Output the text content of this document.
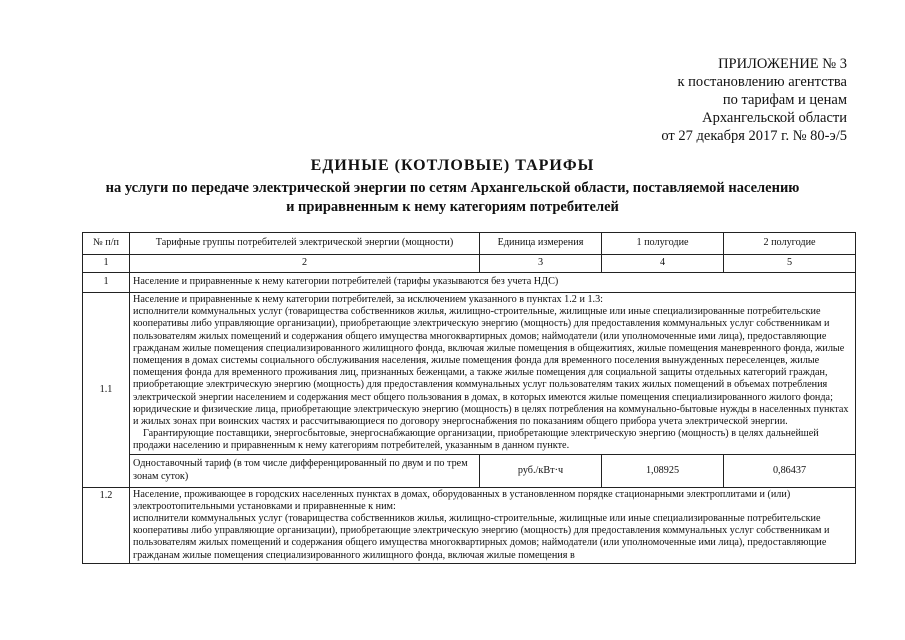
ПРИЛОЖЕНИЕ № 3
к постановлению агентства
по тарифам и ценам
Архангельской области
от 27 декабря 2017 г. № 80-э/5
ЕДИНЫЕ (КОТЛОВЫЕ) ТАРИФЫ
на услуги по передаче электрической энергии по сетям Архангельской области, поставляемой населению и приравненным к нему категориям потребителей
№ п/п	Тарифные группы потребителей электрической энергии (мощности)	Единица измерения	1 полугодие	2 полугодие
1	2	3	4	5
1	Население и приравненные к нему категории потребителей (тарифы указываются без учета НДС)			
1.1	Население и приравненные к нему категории потребителей, за исключением указанного в пунктах 1.2 и 1.3:

исполнители коммунальных услуг (товарищества собственников жилья, жилищно-строительные, жилищные или иные специализированные потребительские кооперативы либо управляющие организации), приобретающие электрическую энергию (мощность) для предоставления коммунальных услуг собственникам и пользователям жилых помещений и содержания общего имущества многоквартирных домов; наймодатели (или уполномоченные ими лица), предоставляющие гражданам жилые помещения специализированного жилищного фонда, включая жилые помещения в общежитиях, жилые помещения маневренного фонда, жилые помещения в домах системы социального обслуживания населения, жилые помещения фонда для временного поселения вынужденных переселенцев, жилые помещения фонда для временного проживания лиц, признанных беженцами, а также жилые помещения для социальной защиты отдельных категорий граждан, приобретающие электрическую энергию (мощность) для предоставления коммунальных услуг пользователям таких жилых помещений в объемах потребления электрической энергии населением и содержания мест общего пользования в домах, в которых имеются жилые помещения специализированного жилого фонда; юридические и физические лица, приобретающие электрическую энергию (мощность) в целях потребления на коммунально-бытовые нужды в населенных пунктах и жилых зонах при воинских частях и рассчитывающиеся по договору энергоснабжения по показаниям общего прибора учета электрической энергии.

Гарантирующие поставщики, энергосбытовые, энергоснабжающие организации, приобретающие электрическую энергию (мощность) в целях дальнейшей продажи населению и приравненным к нему категориям потребителей, указанным в данном пункте.			

	Одноставочный тариф (в том числе дифференцированный по двум и по трем зонам суток)	руб./кВт·ч	1,08925	0,86437
1.2	Население, проживающее в городских населенных пунктах в домах, оборудованных в установленном порядке стационарными электроплитами и (или) электроотопительными установками и приравненные к ним:

исполнители коммунальных услуг (товарищества собственников жилья, жилищно-строительные, жилищные или иные специализированные потребительские кооперативы либо управляющие организации), приобретающие электрическую энергию (мощность) для предоставления коммунальных услуг собственникам и пользователям жилых помещений и содержания общего имущества многоквартирных домов; наймодатели (или уполномоченные ими лица), предоставляющие гражданам жилые помещения специализированного жилищного фонда, включая жилые помещения в			
